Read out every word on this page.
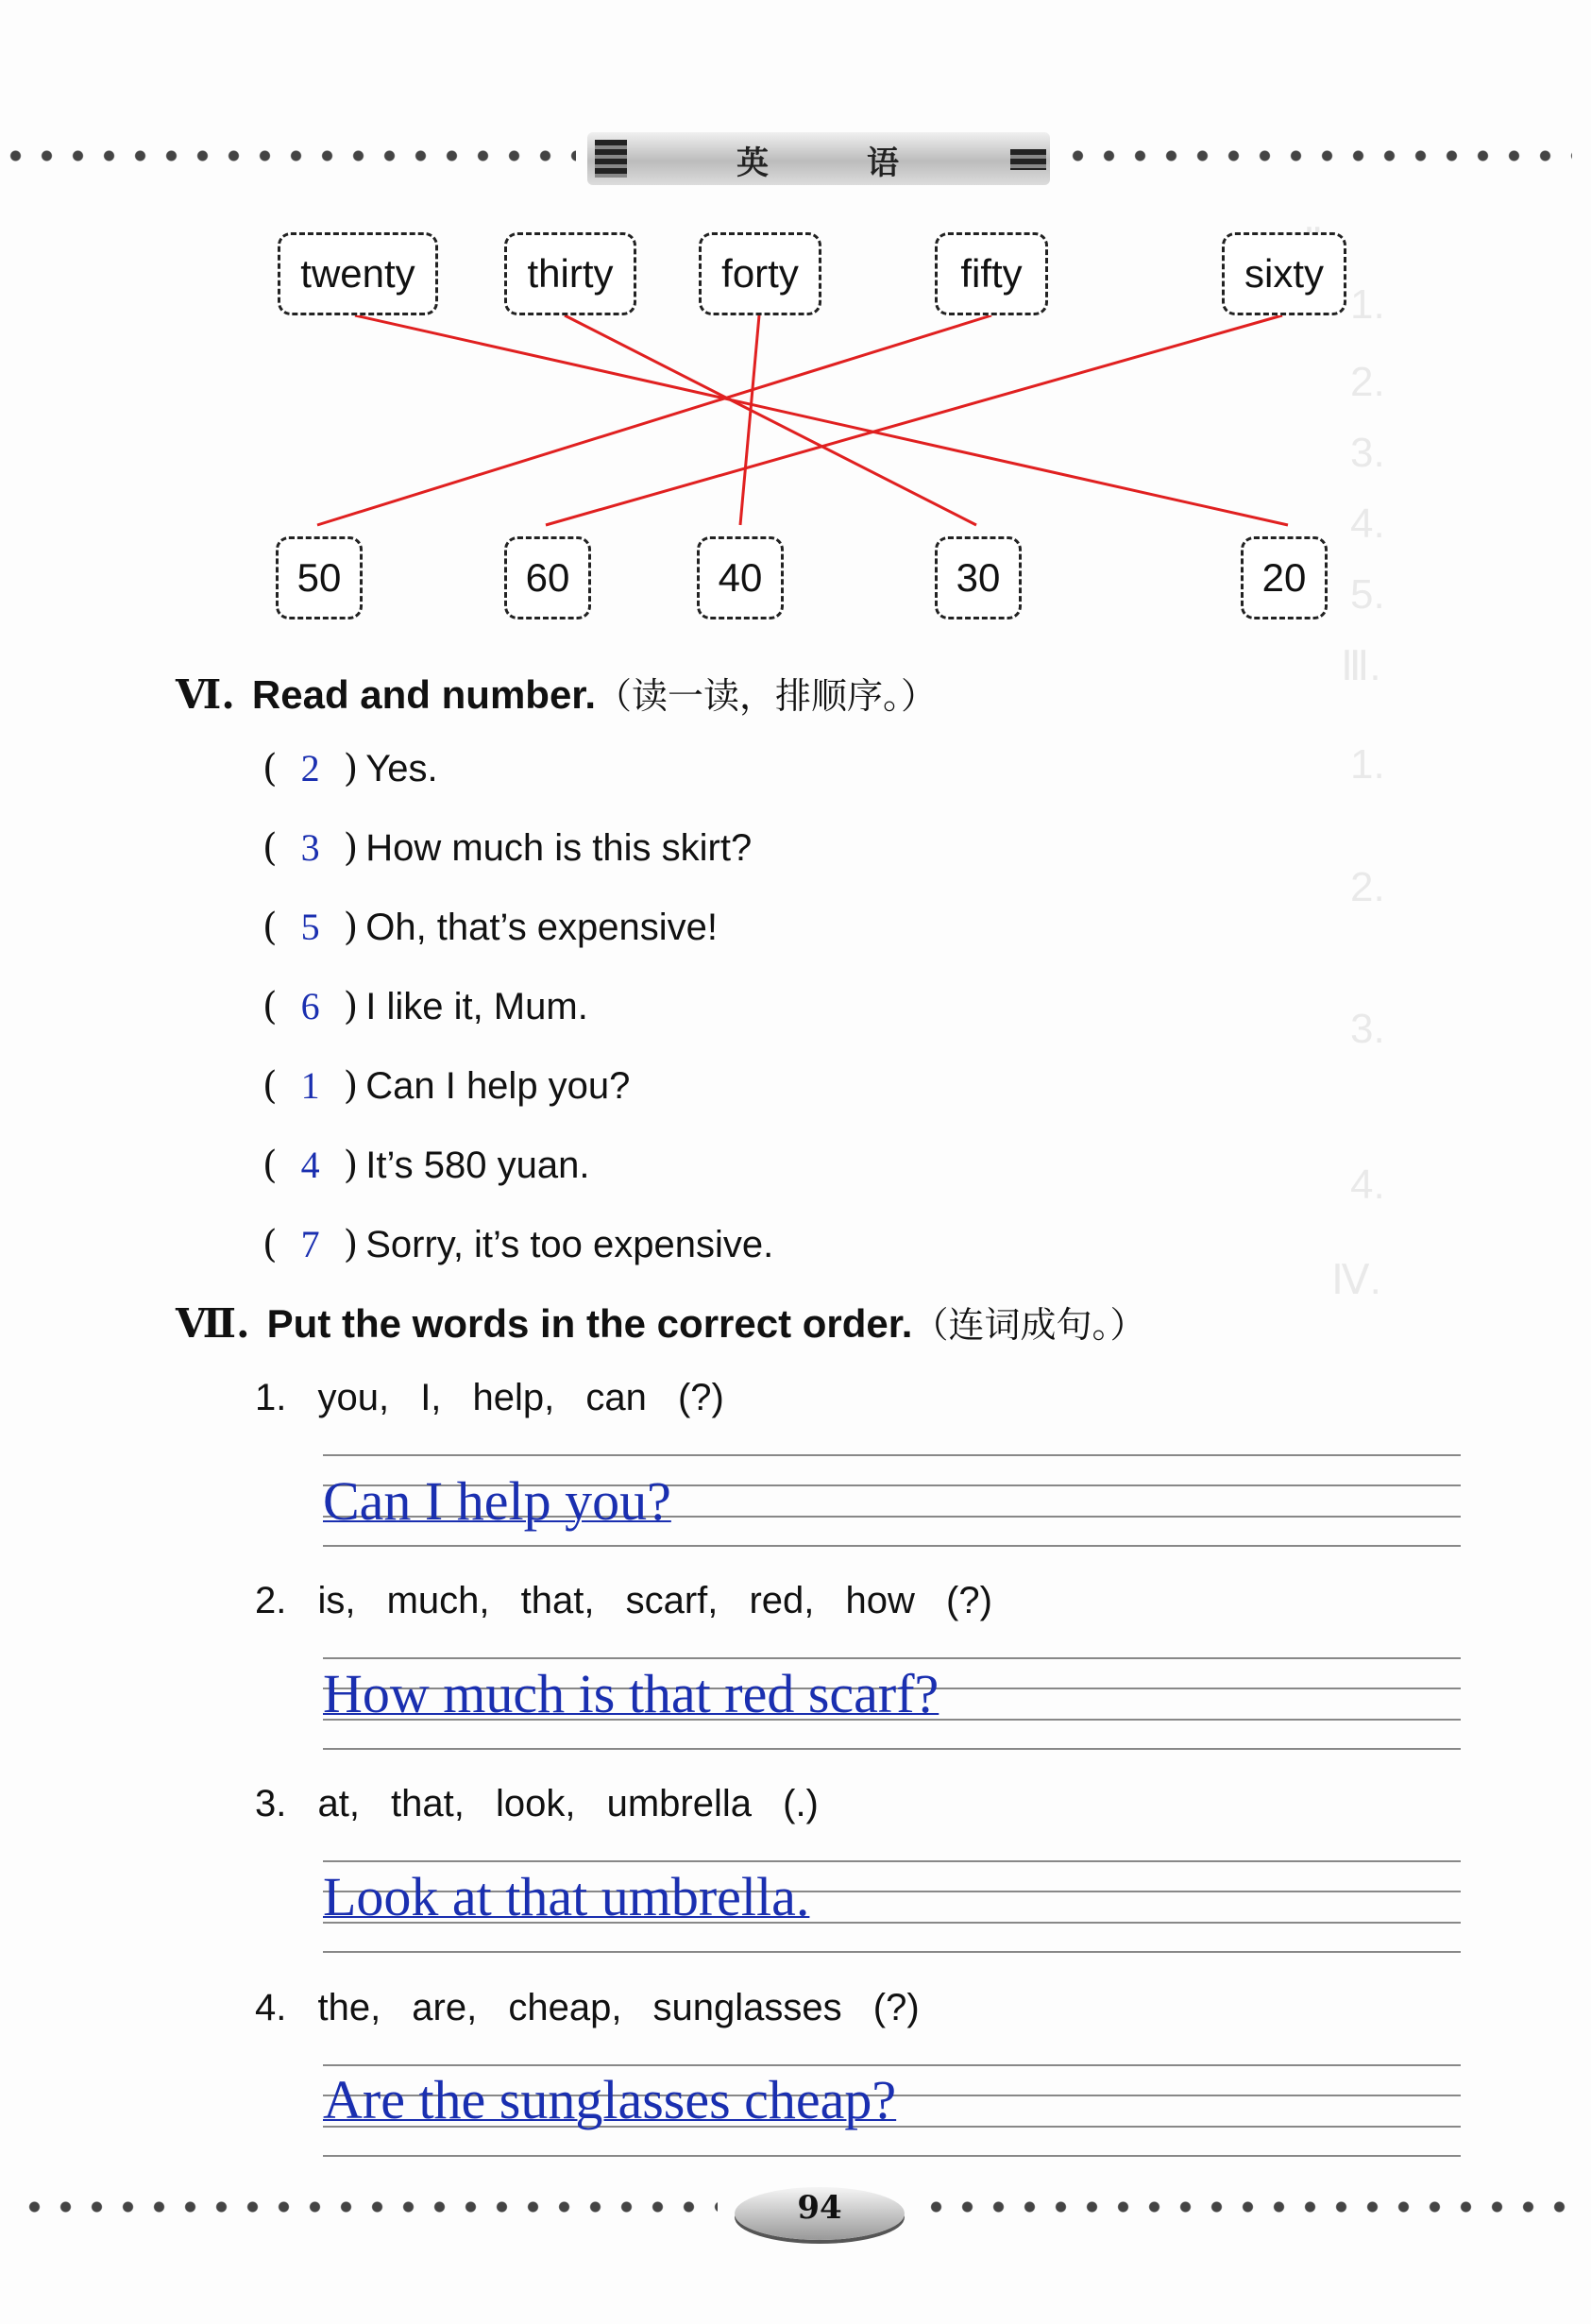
英	语
1.
2.
3.
4.
5.
Ⅲ.
1.
2.
3.
4.
Ⅳ.
twenty	thirty	forty	fifty	sixty
50	60	40	30	20
Ⅵ. Read and number.（读一读，排顺序。）
( 2 ) Yes.
( 3 ) How much is this skirt?
( 5 ) Oh, that’s expensive!
( 6 ) I like it, Mum.
( 1 ) Can I help you?
( 4 ) It’s 580 yuan.
( 7 ) Sorry, it’s too expensive.
Ⅶ. Put the words in the correct order.（连词成句。）
1. you, I, help, can (?)
Can I help you?
2. is, much, that, scarf, red, how (?)
How much is that red scarf?
3. at, that, look, umbrella (.)
Look at that umbrella.
4. the, are, cheap, sunglasses (?)
Are the sunglasses cheap?
94
